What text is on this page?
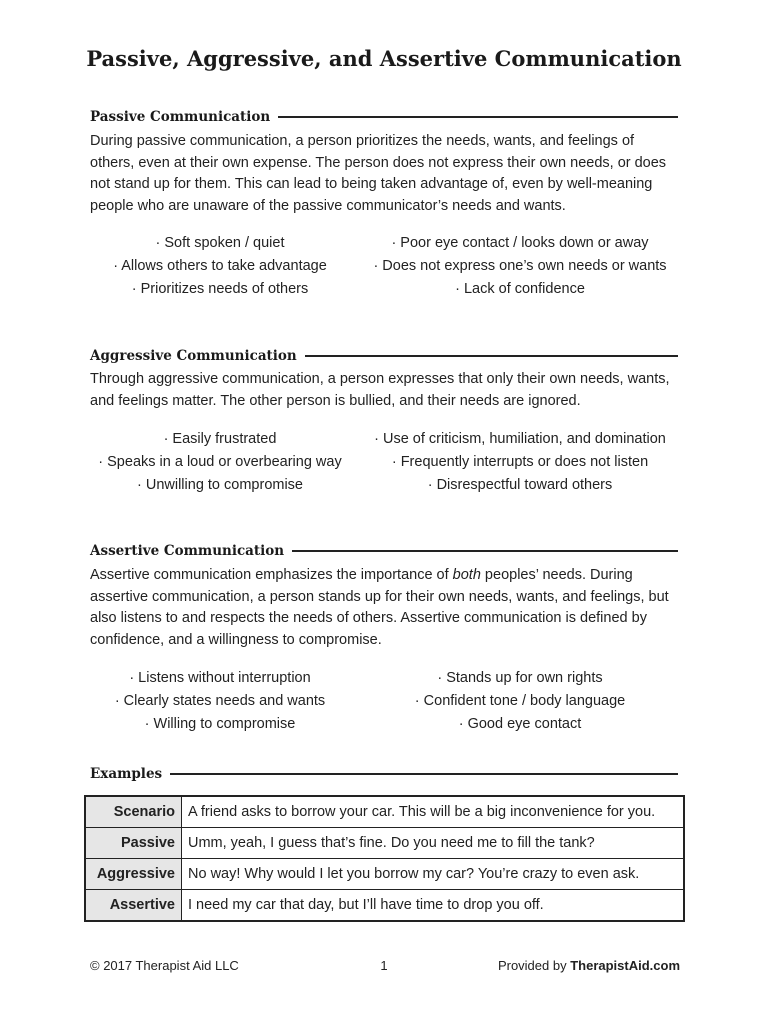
Passive, Aggressive, and Assertive Communication
Passive Communication
During passive communication, a person prioritizes the needs, wants, and feelings of others, even at their own expense. The person does not express their own needs, or does not stand up for them. This can lead to being taken advantage of, even by well-meaning people who are unaware of the passive communicator’s needs and wants.
· Soft spoken / quiet
· Allows others to take advantage
· Prioritizes needs of others
· Poor eye contact / looks down or away
· Does not express one’s own needs or wants
· Lack of confidence
Aggressive Communication
Through aggressive communication, a person expresses that only their own needs, wants, and feelings matter. The other person is bullied, and their needs are ignored.
· Easily frustrated
· Speaks in a loud or overbearing way
· Unwilling to compromise
· Use of criticism, humiliation, and domination
· Frequently interrupts or does not listen
· Disrespectful toward others
Assertive Communication
Assertive communication emphasizes the importance of both peoples’ needs. During assertive communication, a person stands up for their own needs, wants, and feelings, but also listens to and respects the needs of others. Assertive communication is defined by confidence, and a willingness to compromise.
· Listens without interruption
· Clearly states needs and wants
· Willing to compromise
· Stands up for own rights
· Confident tone / body language
· Good eye contact
Examples
Scenario	A friend asks to borrow your car. This will be a big inconvenience for you.
Passive	Umm, yeah, I guess that’s fine. Do you need me to fill the tank?
Aggressive	No way! Why would I let you borrow my car? You’re crazy to even ask.
Assertive	I need my car that day, but I’ll have time to drop you off.
© 2017 Therapist Aid LLC	1	Provided by TherapistAid.com
